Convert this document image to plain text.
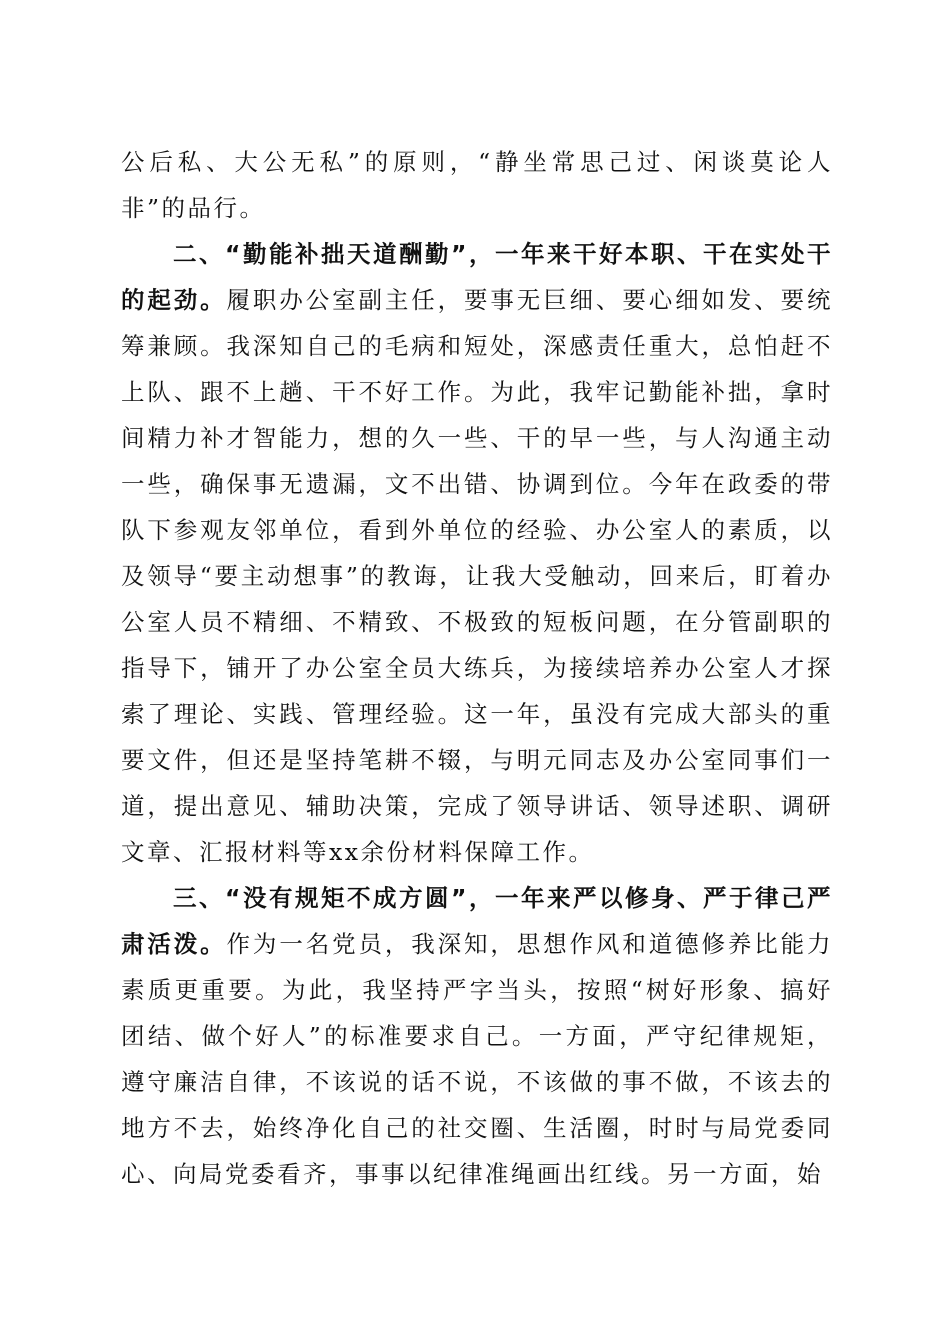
公后私、大公无私”的原则，“静坐常思己过、闲谈莫论人非”的品行。

二、“勤能补拙天道酬勤”，一年来干好本职、干在实处干的起劲。履职办公室副主任，要事无巨细、要心细如发、要统筹兼顾。我深知自己的毛病和短处，深感责任重大，总怕赶不上队、跟不上趟、干不好工作。为此，我牢记勤能补拙，拿时间精力补才智能力，想的久一些、干的早一些，与人沟通主动一些，确保事无遗漏，文不出错、协调到位。今年在政委的带队下参观友邻单位，看到外单位的经验、办公室人的素质，以及领导“要主动想事”的教诲，让我大受触动，回来后，盯着办公室人员不精细、不精致、不极致的短板问题，在分管副职的指导下，铺开了办公室全员大练兵，为接续培养办公室人才探索了理论、实践、管理经验。这一年，虽没有完成大部头的重要文件，但还是坚持笔耕不辍，与明元同志及办公室同事们一道，提出意见、辅助决策，完成了领导讲话、领导述职、调研文章、汇报材料等xx余份材料保障工作。

三、“没有规矩不成方圆”，一年来严以修身、严于律己严肃活泼。作为一名党员，我深知，思想作风和道德修养比能力素质更重要。为此，我坚持严字当头，按照“树好形象、搞好团结、做个好人”的标准要求自己。一方面，严守纪律规矩，遵守廉洁自律，不该说的话不说，不该做的事不做，不该去的地方不去，始终净化自己的社交圈、生活圈，时时与局党委同心、向局党委看齐，事事以纪律准绳画出红线。另一方面，始
